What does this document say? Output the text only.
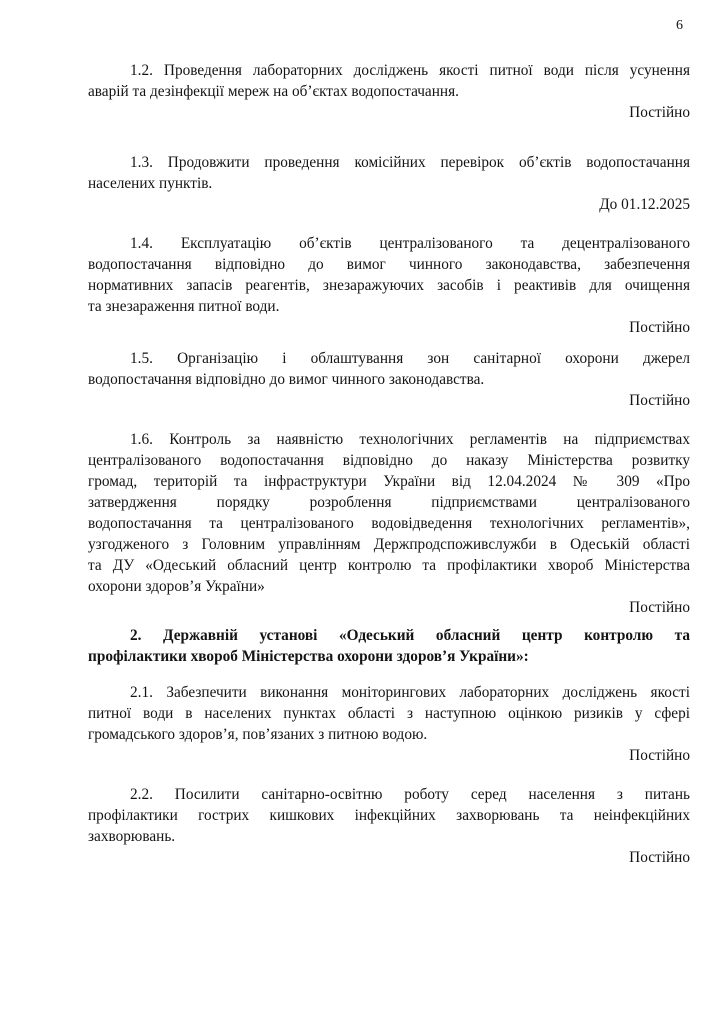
6
1.2. Проведення лабораторних досліджень якості питної води після усунення
аварій та дезінфекції мереж на об’єктах водопостачання.
Постійно
1.3. Продовжити проведення комісійних перевірок об’єктів водопостачання
населених пунктів.
До 01.12.2025
1.4. Експлуатацію об’єктів централізованого та децентралізованого
водопостачання відповідно до вимог чинного законодавства, забезпечення
нормативних запасів реагентів, знезаражуючих засобів і реактивів для очищення
та знезараження питної води.
Постійно
1.5. Організацію і облаштування зон санітарної охорони джерел
водопостачання відповідно до вимог чинного законодавства.
Постійно
1.6. Контроль за наявністю технологічних регламентів на підприємствах
централізованого водопостачання відповідно до наказу Міністерства розвитку
громад, територій та інфраструктури України від 12.04.2024 № 309 «Про
затвердження порядку розроблення підприємствами централізованого
водопостачання та централізованого водовідведення технологічних регламентів»,
узгодженого з Головним управлінням Держпродспоживслужби в Одеській області
та ДУ «Одеський обласний центр контролю та профілактики хвороб Міністерства
охорони здоров’я України»
Постійно
2. Державній установі «Одеський обласний центр контролю та
профілактики хвороб Міністерства охорони здоров’я України»:
2.1. Забезпечити виконання моніторингових лабораторних досліджень якості
питної води в населених пунктах області з наступною оцінкою ризиків у сфері
громадського здоров’я, пов’язаних з питною водою.
Постійно
2.2. Посилити санітарно-освітню роботу серед населення з питань
профілактики гострих кишкових інфекційних захворювань та неінфекційних
захворювань.
Постійно
